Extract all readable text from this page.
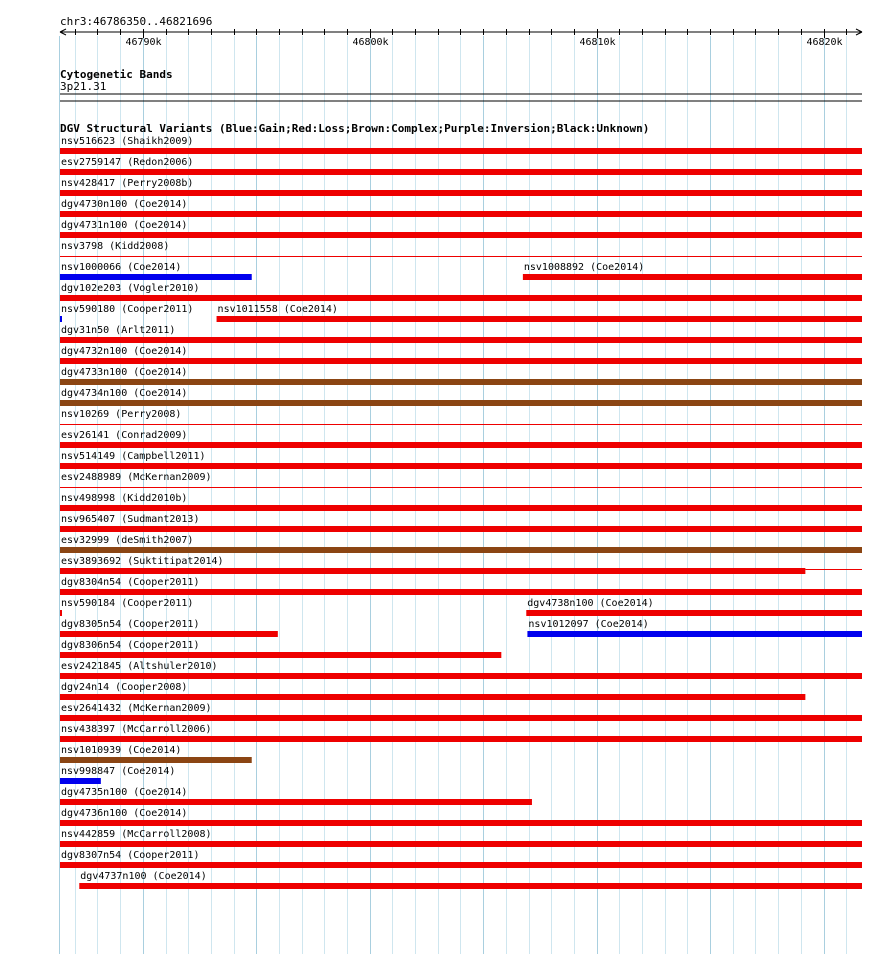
chr3:46786350..46821696
46790k	46800k	46810k	46820k
Cytogenetic Bands
3p21.31
DGV Structural Variants (Blue:Gain;Red:Loss;Brown:Complex;Purple:Inversion;Black:Unknown)
nsv516623 (Shaikh2009)
esv2759147 (Redon2006)
nsv428417 (Perry2008b)
dgv4730n100 (Coe2014)
dgv4731n100 (Coe2014)
nsv3798 (Kidd2008)
nsv1000066 (Coe2014)	nsv1008892 (Coe2014)
dgv102e203 (Vogler2010)
nsv590180 (Cooper2011) nsv1011558 (Coe2014)
dgv31n50 (Arlt2011)
dgv4732n100 (Coe2014)
dgv4733n100 (Coe2014)
dgv4734n100 (Coe2014)
nsv10269 (Perry2008)
esv26141 (Conrad2009)
nsv514149 (Campbell2011)
esv2488989 (McKernan2009)
nsv498998 (Kidd2010b)
nsv965407 (Sudmant2013)
esv32999 (deSmith2007)
esv3893692 (Suktitipat2014)
dgv8304n54 (Cooper2011)
nsv590184 (Cooper2011)	dgv4738n100 (Coe2014)
dgv8305n54 (Cooper2011)	nsv1012097 (Coe2014)
dgv8306n54 (Cooper2011)
esv2421845 (Altshuler2010)
dgv24n14 (Cooper2008)
esv2641432 (McKernan2009)
nsv438397 (McCarroll2006)
nsv1010939 (Coe2014)
nsv998847 (Coe2014)
dgv4735n100 (Coe2014)
dgv4736n100 (Coe2014)
nsv442859 (McCarroll2008)
dgv8307n54 (Cooper2011)
dgv4737n100 (Coe2014)
